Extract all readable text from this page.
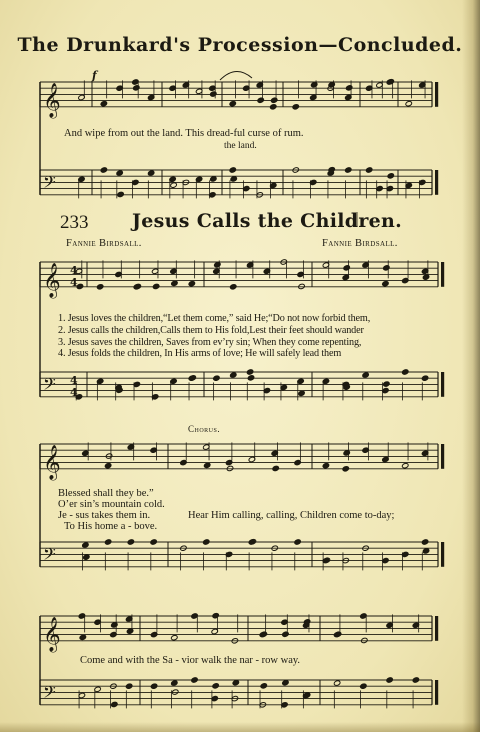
The Drunkard's Procession—Concluded.
𝄞
𝄢
𝄞
𝄢
4
4
4
4
𝄞
𝄢
𝄞
𝄢
f
And wipe from out the land. This dread-ful curse of rum.
the land.
233 Jesus Calls the Children.
Fannie Birdsall.	Fannie Birdsall.
1. Jesus loves the children,“Let them come,” said He;“Do not now forbid them,
2. Jesus calls the children,Calls them to His fold,Lest their feet should wander
3. Jesus saves the children, Saves from ev’ry sin; When they come repenting,
4. Jesus folds the children, In His arms of love; He will safely lead them
Chorus.
Blessed shall they be.”
O’er sin’s mountain cold.
Je - sus takes them in.
To His home a - bove.
Hear Him calling, calling, Children come to-day;
Come and with the Sa - vior walk the nar - row way.
